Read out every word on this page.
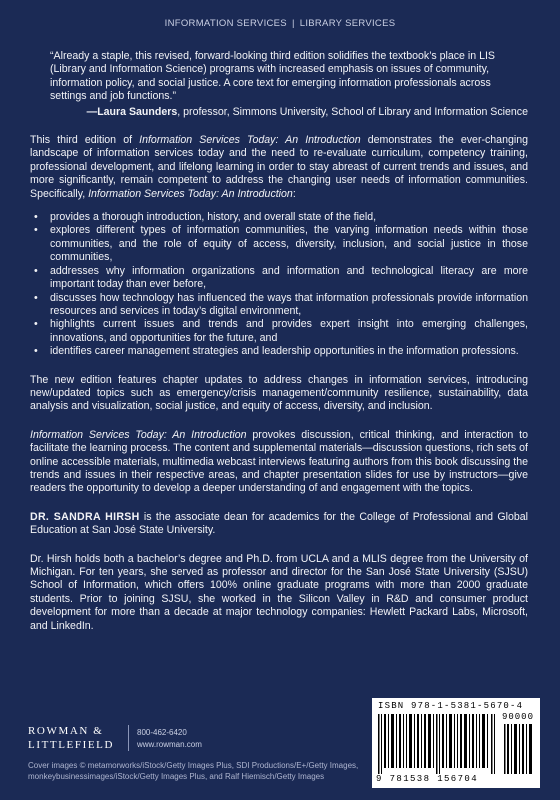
INFORMATION SERVICES | LIBRARY SERVICES

“Already a staple, this revised, forward-looking third edition solidifies the textbook’s place in LIS (Library and Information Science) programs with increased emphasis on issues of community, information policy, and social justice. A core text for emerging information professionals across settings and job functions.”

—Laura Saunders, professor, Simmons University, School of Library and Information Science

This third edition of Information Services Today: An Introduction demonstrates the ever-changing landscape of information services today and the need to re-evaluate curriculum, competency training, professional development, and lifelong learning in order to stay abreast of current trends and issues, and more significantly, remain competent to address the changing user needs of information communities. Specifically, Information Services Today: An Introduction:

• provides a thorough introduction, history, and overall state of the field,
• explores different types of information communities, the varying information needs within those communities, and the role of equity of access, diversity, inclusion, and social justice in those communities,
• addresses why information organizations and information and technological literacy are more important today than ever before,
• discusses how technology has influenced the ways that information professionals provide information resources and services in today’s digital environment,
• highlights current issues and trends and provides expert insight into emerging challenges, innovations, and opportunities for the future, and
• identifies career management strategies and leadership opportunities in the information professions.

The new edition features chapter updates to address changes in information services, introducing new/updated topics such as emergency/crisis management/community resilience, sustainability, data analysis and visualization, social justice, and equity of access, diversity, and inclusion.

Information Services Today: An Introduction provokes discussion, critical thinking, and interaction to facilitate the learning process. The content and supplemental materials—discussion questions, rich sets of online accessible materials, multimedia webcast interviews featuring authors from this book discussing the trends and issues in their respective areas, and chapter presentation slides for use by instructors—give readers the opportunity to develop a deeper understanding of and engagement with the topics.

DR. SANDRA HIRSH is the associate dean for academics for the College of Professional and Global Education at San José State University.

Dr. Hirsh holds both a bachelor’s degree and Ph.D. from UCLA and a MLIS degree from the University of Michigan. For ten years, she served as professor and director for the San José State University (SJSU) School of Information, which offers 100% online graduate programs with more than 2000 graduate students. Prior to joining SJSU, she worked in the Silicon Valley in R&D and consumer product development for more than a decade at major technology companies: Hewlett Packard Labs, Microsoft, and LinkedIn.

ROWMAN &
LITTLEFIELD
800-462-6420
www.rowman.com
Cover images © metamorworks/iStock/Getty Images Plus, SDI Productions/E+/Getty Images, monkeybusinessimages/iStock/Getty Images Plus, and Ralf Hiemisch/Getty Images
ISBN 978-1-5381-5670-4
90000
9 781538 156704
